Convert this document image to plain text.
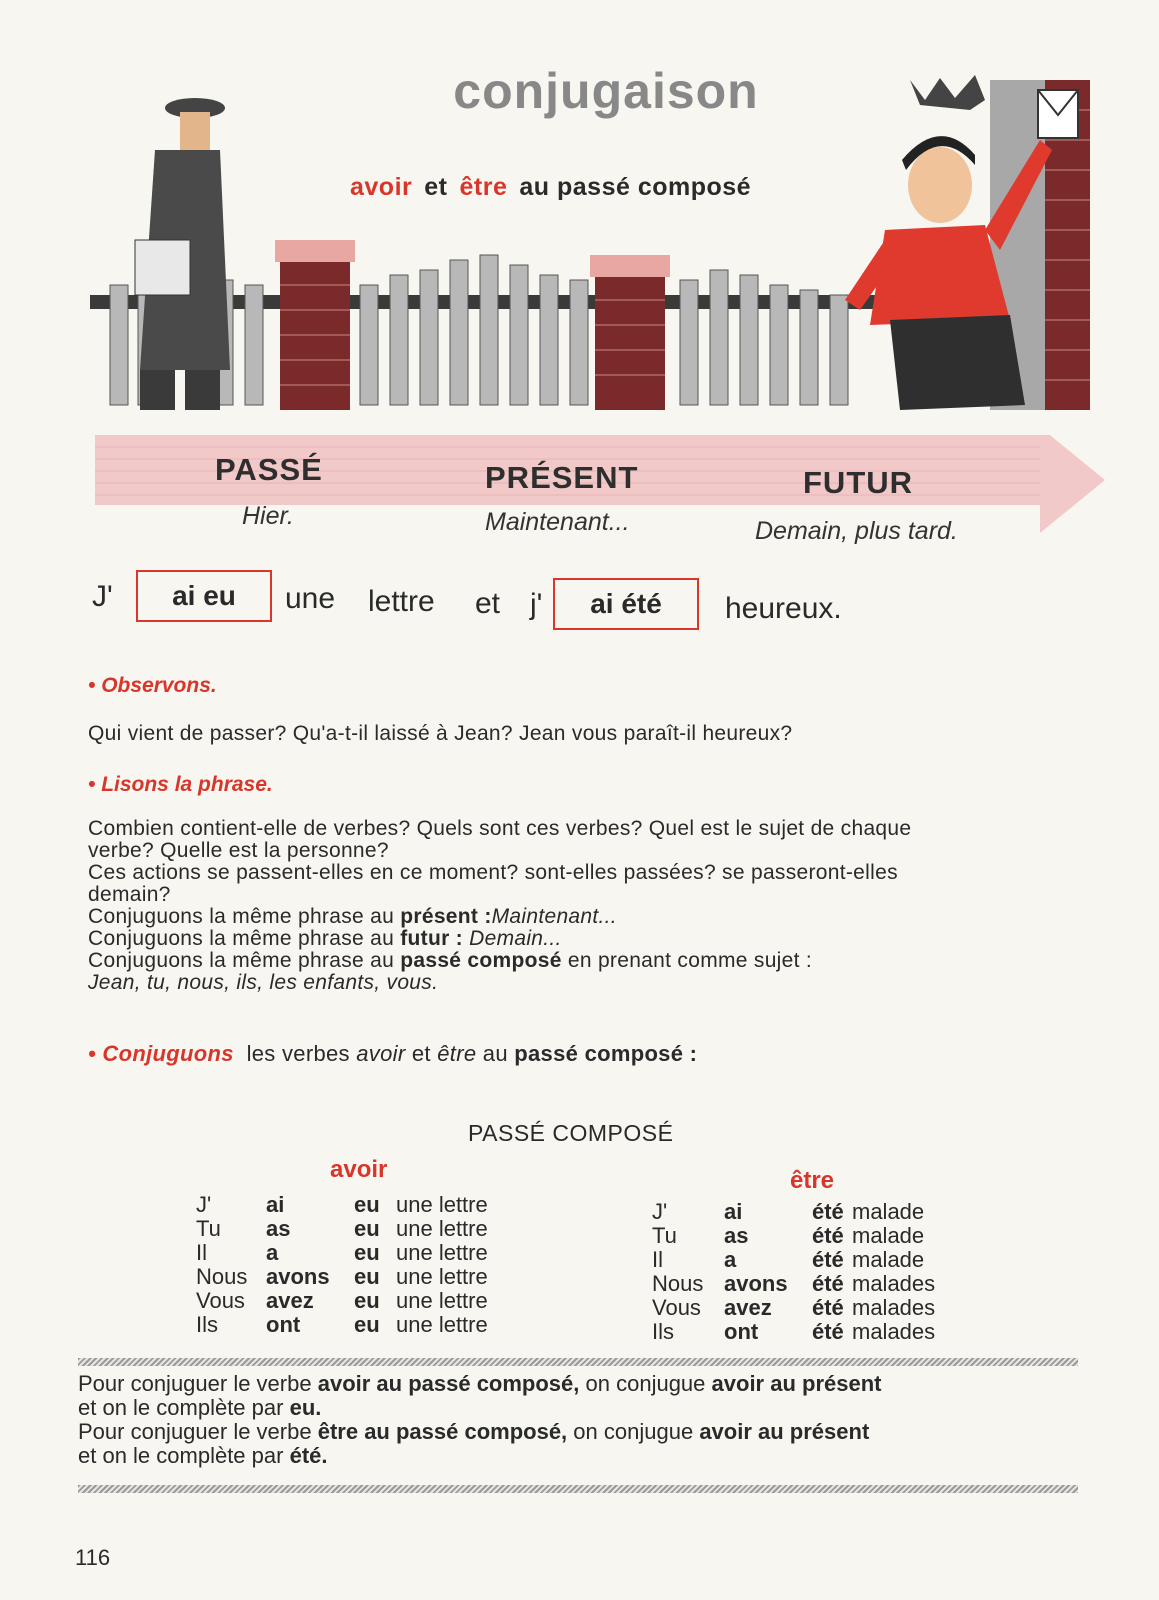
conjugaison
avoir et être au passé composé
PASSÉ	PRÉSENT	FUTUR
Hier.	Maintenant...	Demain, plus tard.
J'	ai eu	une lettre et j'	ai été	heureux.
• Observons.
Qui vient de passer? Qu'a-t-il laissé à Jean? Jean vous paraît-il heureux?
• Lisons la phrase.
Combien contient-elle de verbes? Quels sont ces verbes? Quel est le sujet de chaque
verbe? Quelle est la personne?
Ces actions se passent-elles en ce moment? sont-elles passées? se passeront-elles
demain?
Conjuguons la même phrase au présent :Maintenant...
Conjuguons la même phrase au futur : Demain...
Conjuguons la même phrase au passé composé en prenant comme sujet :
Jean, tu, nous, ils, les enfants, vous.
• Conjuguons les verbes avoir et être au passé composé :
PASSÉ COMPOSÉ
avoir	être
J' ai	eu une lettre
Tu as	eu une lettre
Il	a	eu une lettre
Nous avons eu une lettre
Vous avez eu une lettre
Ils ont eu une lettre
J'	ai	été malade
Tu as	été malade
Il	a	été malade
Nous avons été malades
Vous avez été malades
Ils ont été malades
Pour conjuguer le verbe avoir au passé composé, on conjugue avoir au présent
et on le complète par eu.
Pour conjuguer le verbe être au passé composé, on conjugue avoir au présent
et on le complète par été.
116
